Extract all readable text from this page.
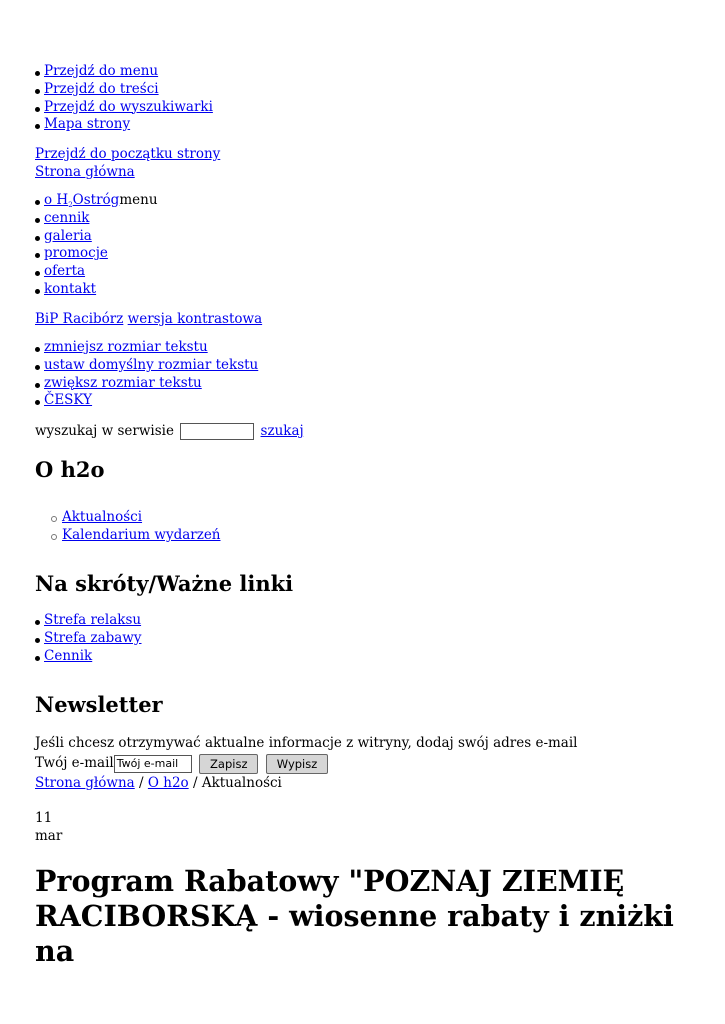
Przejdź do menu
Przejdź do treści
Przejdź do wyszukiwarki
Mapa strony
Przejdź do początku strony
Strona główna
o $H_2Ostrógmenu$
cennik
galeria
promocje
oferta
kontakt
BiP Racibórz wersja kontrastowa
zmniejsz rozmiar tekstu
ustaw domyślny rozmiar tekstu
zwiększ rozmiar tekstu
ČESKY
wyszukaj w serwisie	szukaj
O h2o
Aktualności
Kalendarium wydarzeń
Na skróty/Ważne linki
Strefa relaksu
Strefa zabawy
Cennik
Newsletter
Jeśli chcesz otrzymywać aktualne informacje z witryny, dodaj swój adres e-mail
Twój e-mail Twój e-mail	Zapisz	Wypisz
Strona główna / O h2o / Aktualności
11
mar
Program Rabatowy "POZNAJ ZIEMIĘ RACIBORSKĄ - wiosenne rabaty i zniżki na
